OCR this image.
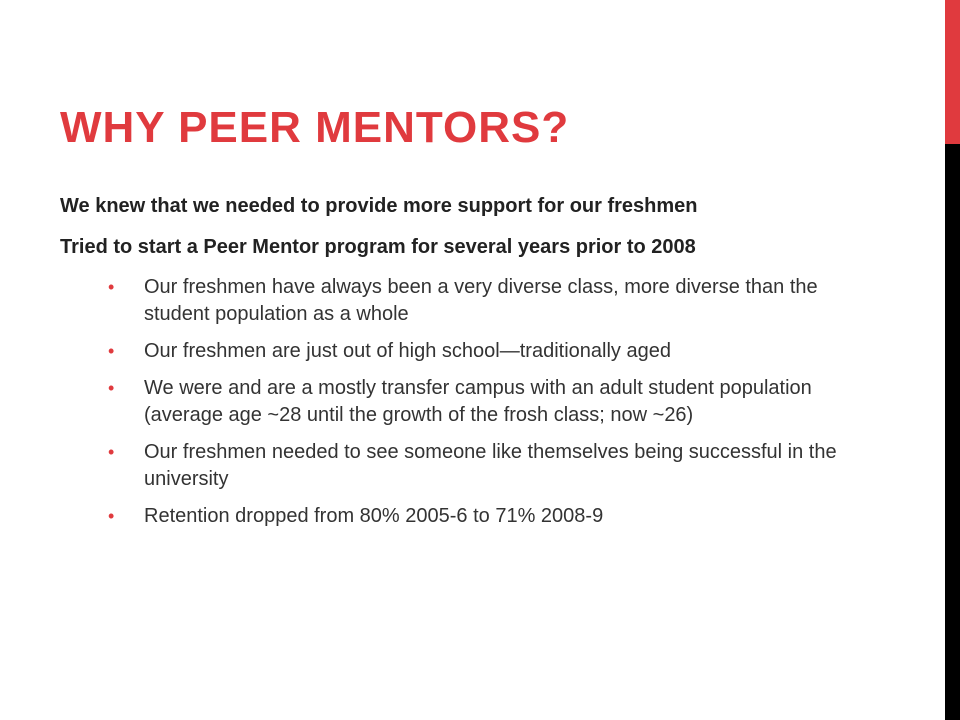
WHY PEER MENTORS?

We knew that we needed to provide more support for our freshmen

Tried to start a Peer Mentor program for several years prior to 2008

• Our freshmen have always been a very diverse class, more diverse than the student population as a whole
• Our freshmen are just out of high school—traditionally aged
• We were and are a mostly transfer campus with an adult student population (average age ~28 until the growth of the frosh class; now ~26)
• Our freshmen needed to see someone like themselves being successful in the university
• Retention dropped from 80% 2005-6 to 71% 2008-9
